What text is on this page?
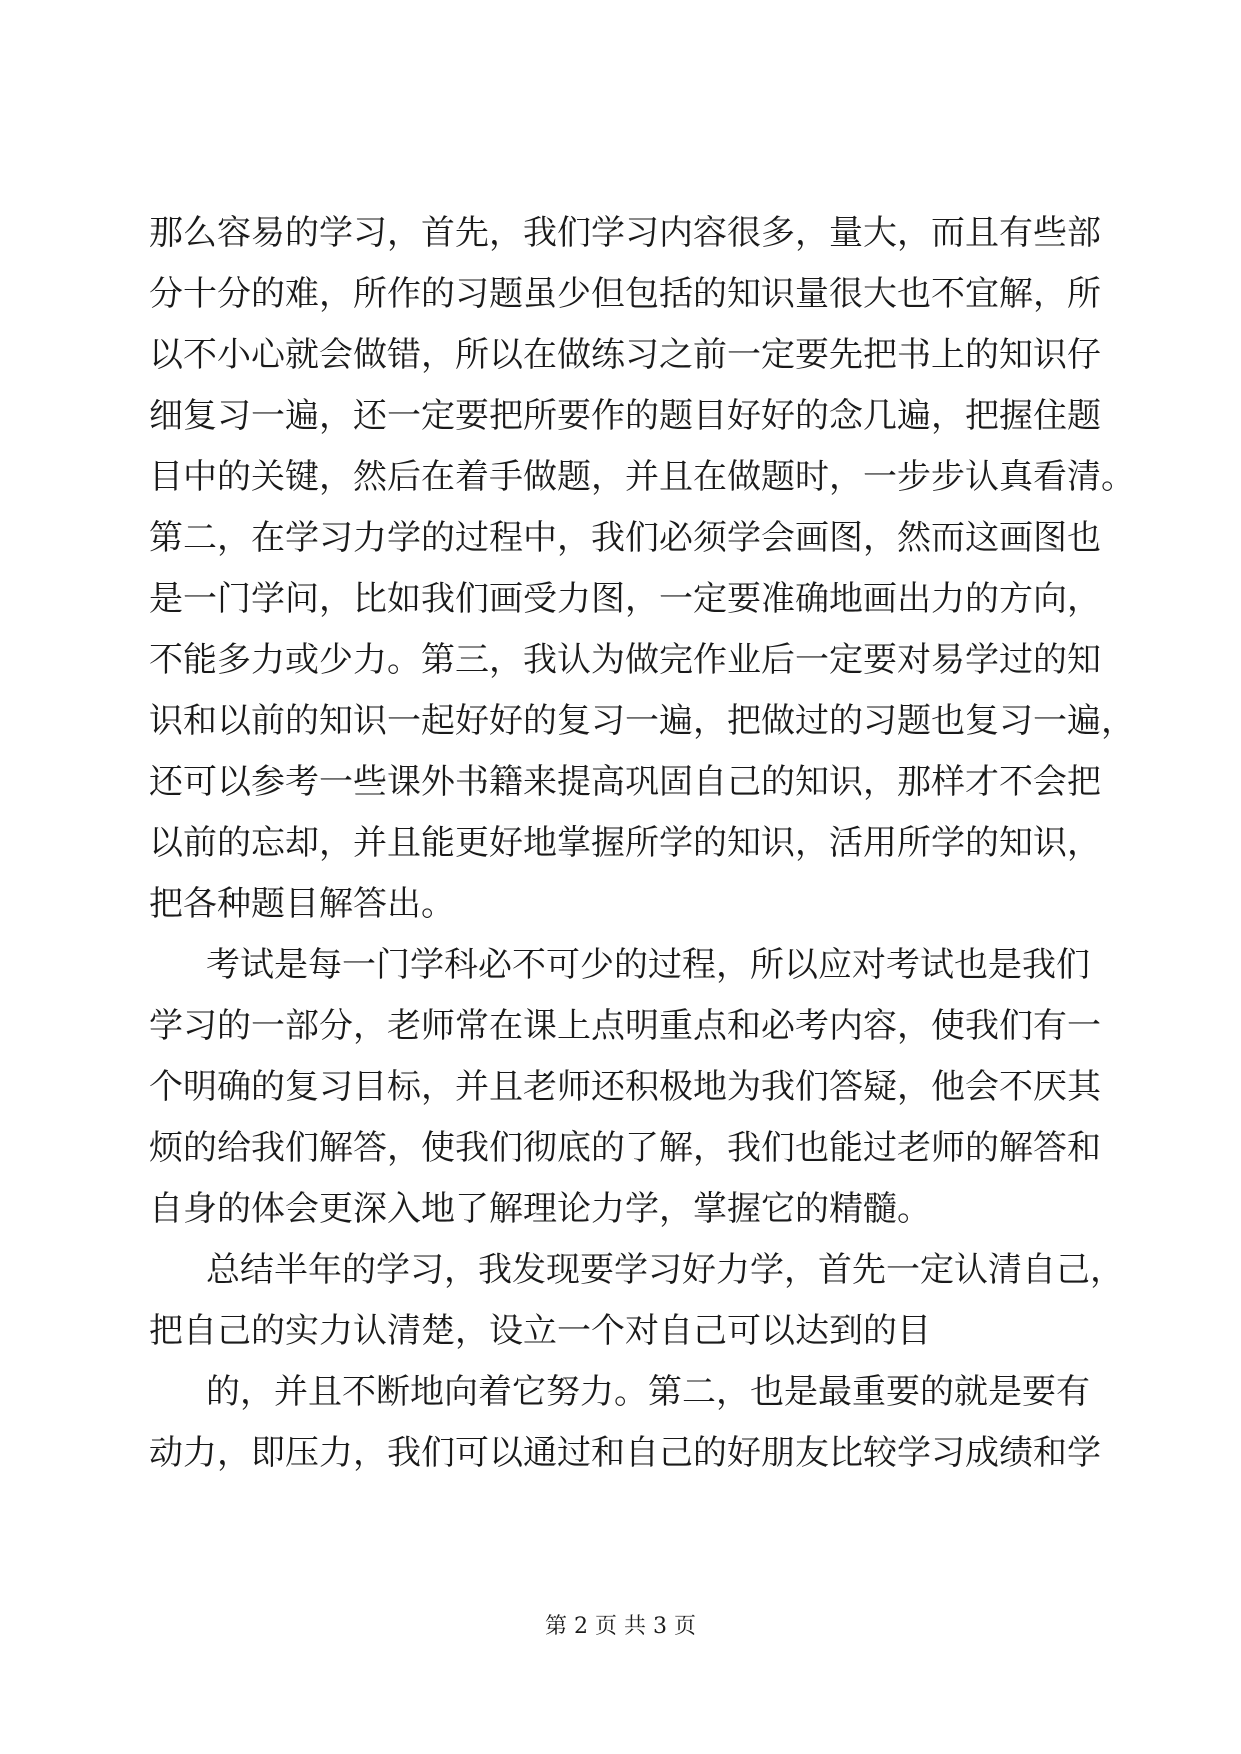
那么容易的学习，首先，我们学习内容很多，量大，而且有些部
分十分的难，所作的习题虽少但包括的知识量很大也不宜解，所
以不小心就会做错，所以在做练习之前一定要先把书上的知识仔
细复习一遍，还一定要把所要作的题目好好的念几遍，把握住题
目中的关键，然后在着手做题，并且在做题时，一步步认真看清。
第二，在学习力学的过程中，我们必须学会画图，然而这画图也
是一门学问，比如我们画受力图，一定要准确地画出力的方向，
不能多力或少力。第三，我认为做完作业后一定要对易学过的知
识和以前的知识一起好好的复习一遍，把做过的习题也复习一遍，
还可以参考一些课外书籍来提高巩固自己的知识，那样才不会把
以前的忘却，并且能更好地掌握所学的知识，活用所学的知识，
把各种题目解答出。
考试是每一门学科必不可少的过程，所以应对考试也是我们
学习的一部分，老师常在课上点明重点和必考内容，使我们有一
个明确的复习目标，并且老师还积极地为我们答疑，他会不厌其
烦的给我们解答，使我们彻底的了解，我们也能过老师的解答和
自身的体会更深入地了解理论力学，掌握它的精髓。
总结半年的学习，我发现要学习好力学，首先一定认清自己，
把自己的实力认清楚，设立一个对自己可以达到的目
的，并且不断地向着它努力。第二，也是最重要的就是要有
动力，即压力，我们可以通过和自己的好朋友比较学习成绩和学
第 2 页 共 3 页
